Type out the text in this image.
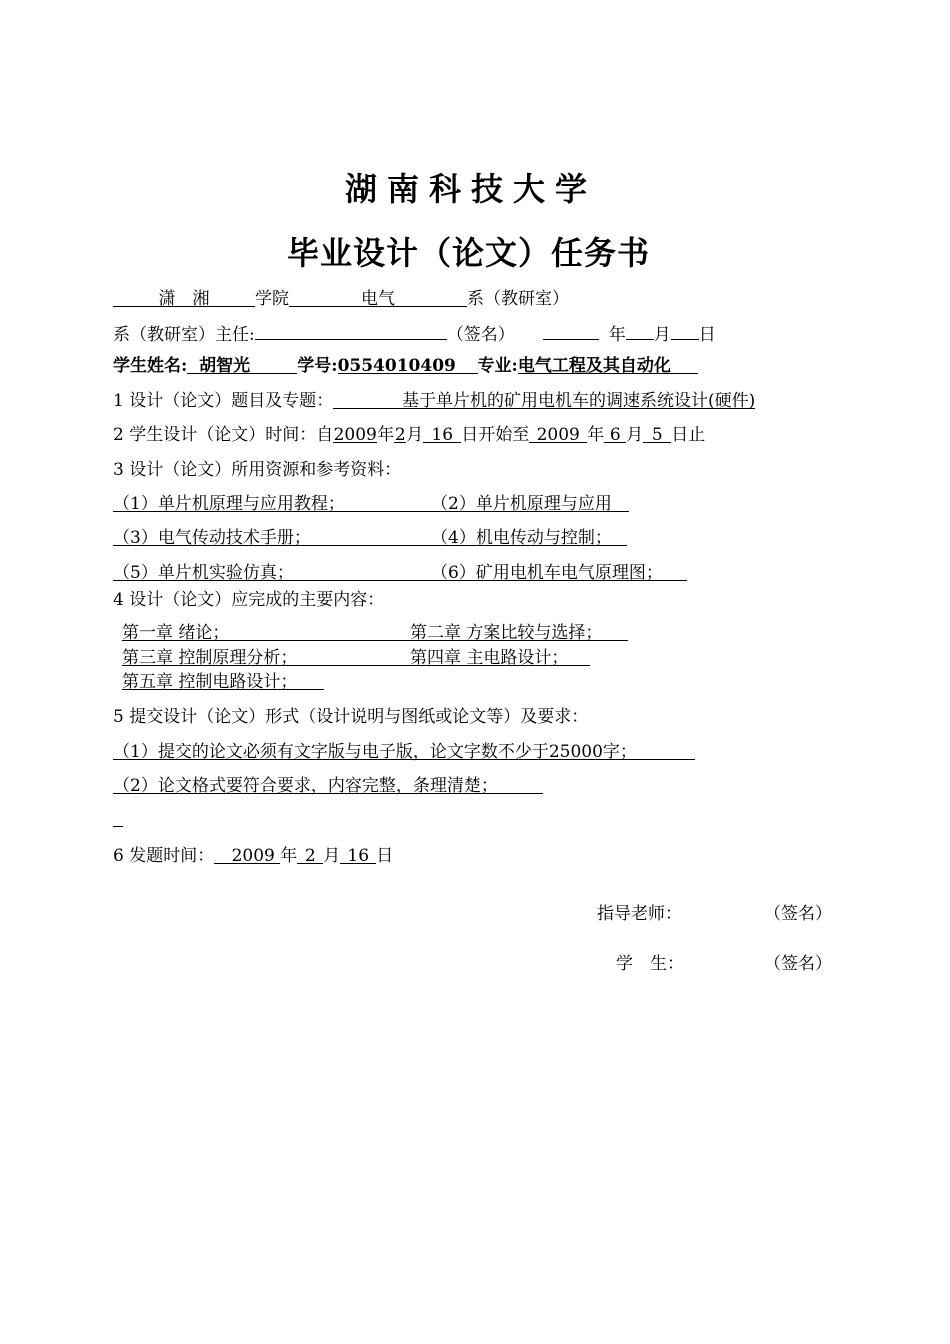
湖南科技大学
毕业设计（论文）任务书
潇　湘	学院	电气	系（教研室）
系（教研室）主任:	（签名）	年 月 日
学生姓名: 胡智光	学号:0554010409 专业:电气工程及其自动化
1 设计（论文）题目及专题：	基于单片机的矿用电机车的调速系统设计(硬件)
2 学生设计（论文）时间：自2009年2月 16 日开始至 2009 年 6 月 5 日止
3 设计（论文）所用资源和参考资料：
（1）单片机原理与应用教程；	（2）单片机原理与应用
（3）电气传动技术手册；	（4）机电传动与控制；
（5）单片机实验仿真；	（6）矿用电机车电气原理图；
4 设计（论文）应完成的主要内容：
第一章 绪论；	第二章 方案比较与选择；
第三章 控制原理分析；	第四章 主电路设计；
第五章 控制电路设计；
5 提交设计（论文）形式（设计说明与图纸或论文等）及要求：
（1）提交的论文必须有文字版与电子版，论文字数不少于25000字；
（2）论文格式要符合要求，内容完整，条理清楚；
6 发题时间： 2009 年 2 月 16 日
指导老师：	（签名）
学　生：	（签名）
